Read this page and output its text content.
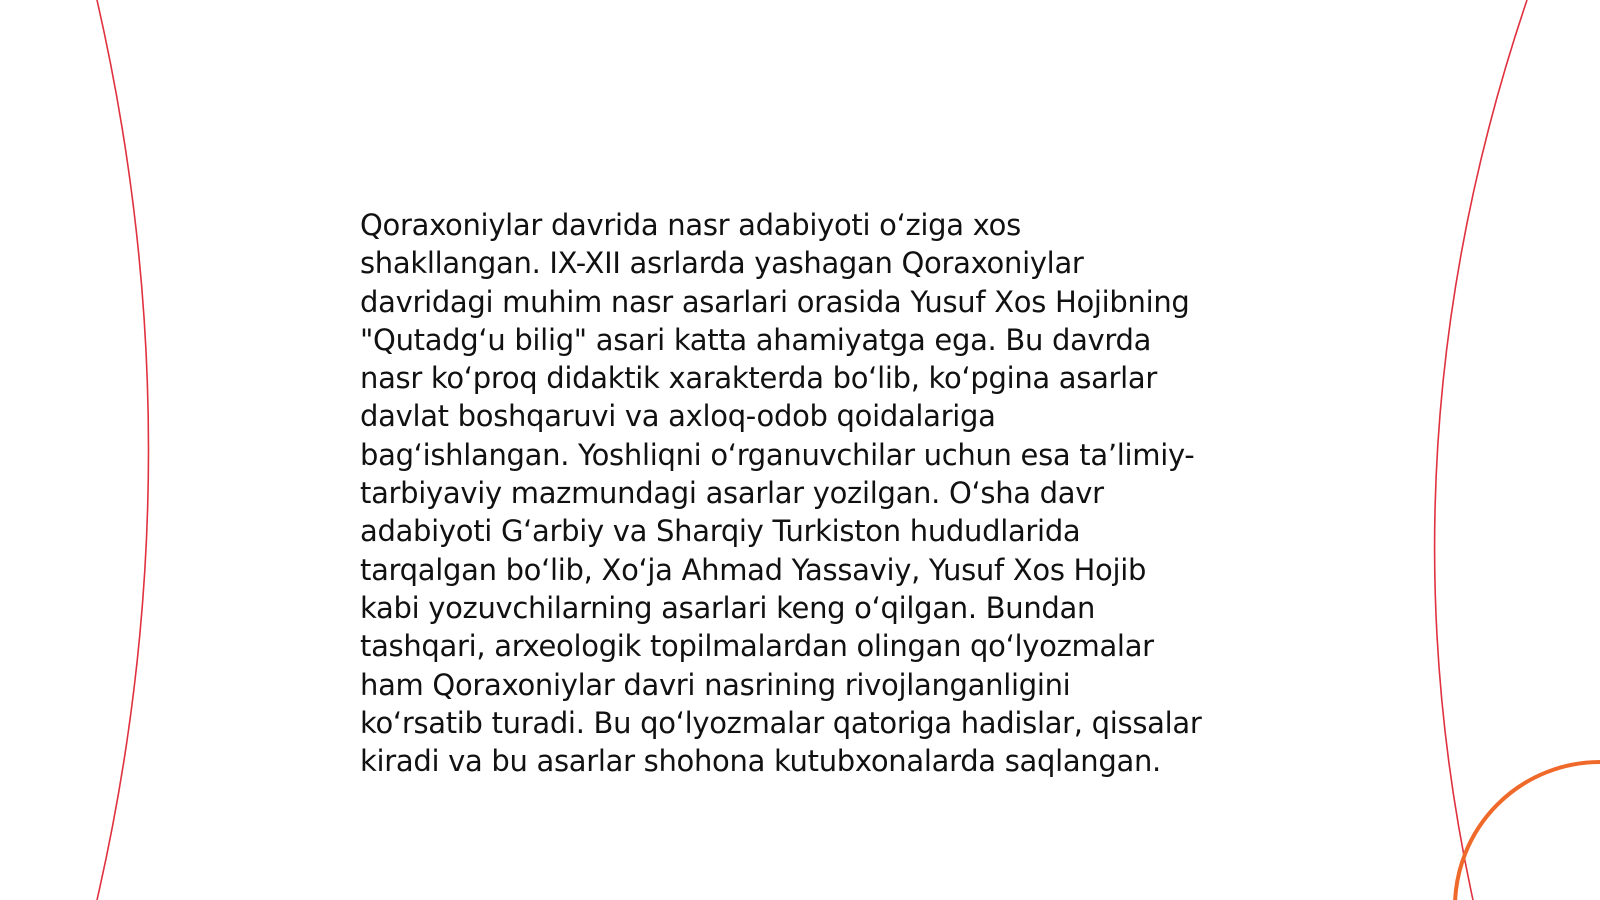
Qoraxoniylar davrida nasr adabiyoti o‘ziga xos
shakllangan. IX-XII asrlarda yashagan Qoraxoniylar
davridagi muhim nasr asarlari orasida Yusuf Xos Hojibning
"Qutadg‘u bilig" asari katta ahamiyatga ega. Bu davrda
nasr ko‘proq didaktik xarakterda bo‘lib, ko‘pgina asarlar
davlat boshqaruvi va axloq-odob qoidalariga
bag‘ishlangan. Yoshliqni o‘rganuvchilar uchun esa ta’limiy-
tarbiyaviy mazmundagi asarlar yozilgan. O‘sha davr
adabiyoti G‘arbiy va Sharqiy Turkiston hududlarida
tarqalgan bo‘lib, Xo‘ja Ahmad Yassaviy, Yusuf Xos Hojib
kabi yozuvchilarning asarlari keng o‘qilgan. Bundan
tashqari, arxeologik topilmalardan olingan qo‘lyozmalar
ham Qoraxoniylar davri nasrining rivojlanganligini
ko‘rsatib turadi. Bu qo‘lyozmalar qatoriga hadislar, qissalar
kiradi va bu asarlar shohona kutubxonalarda saqlangan.
